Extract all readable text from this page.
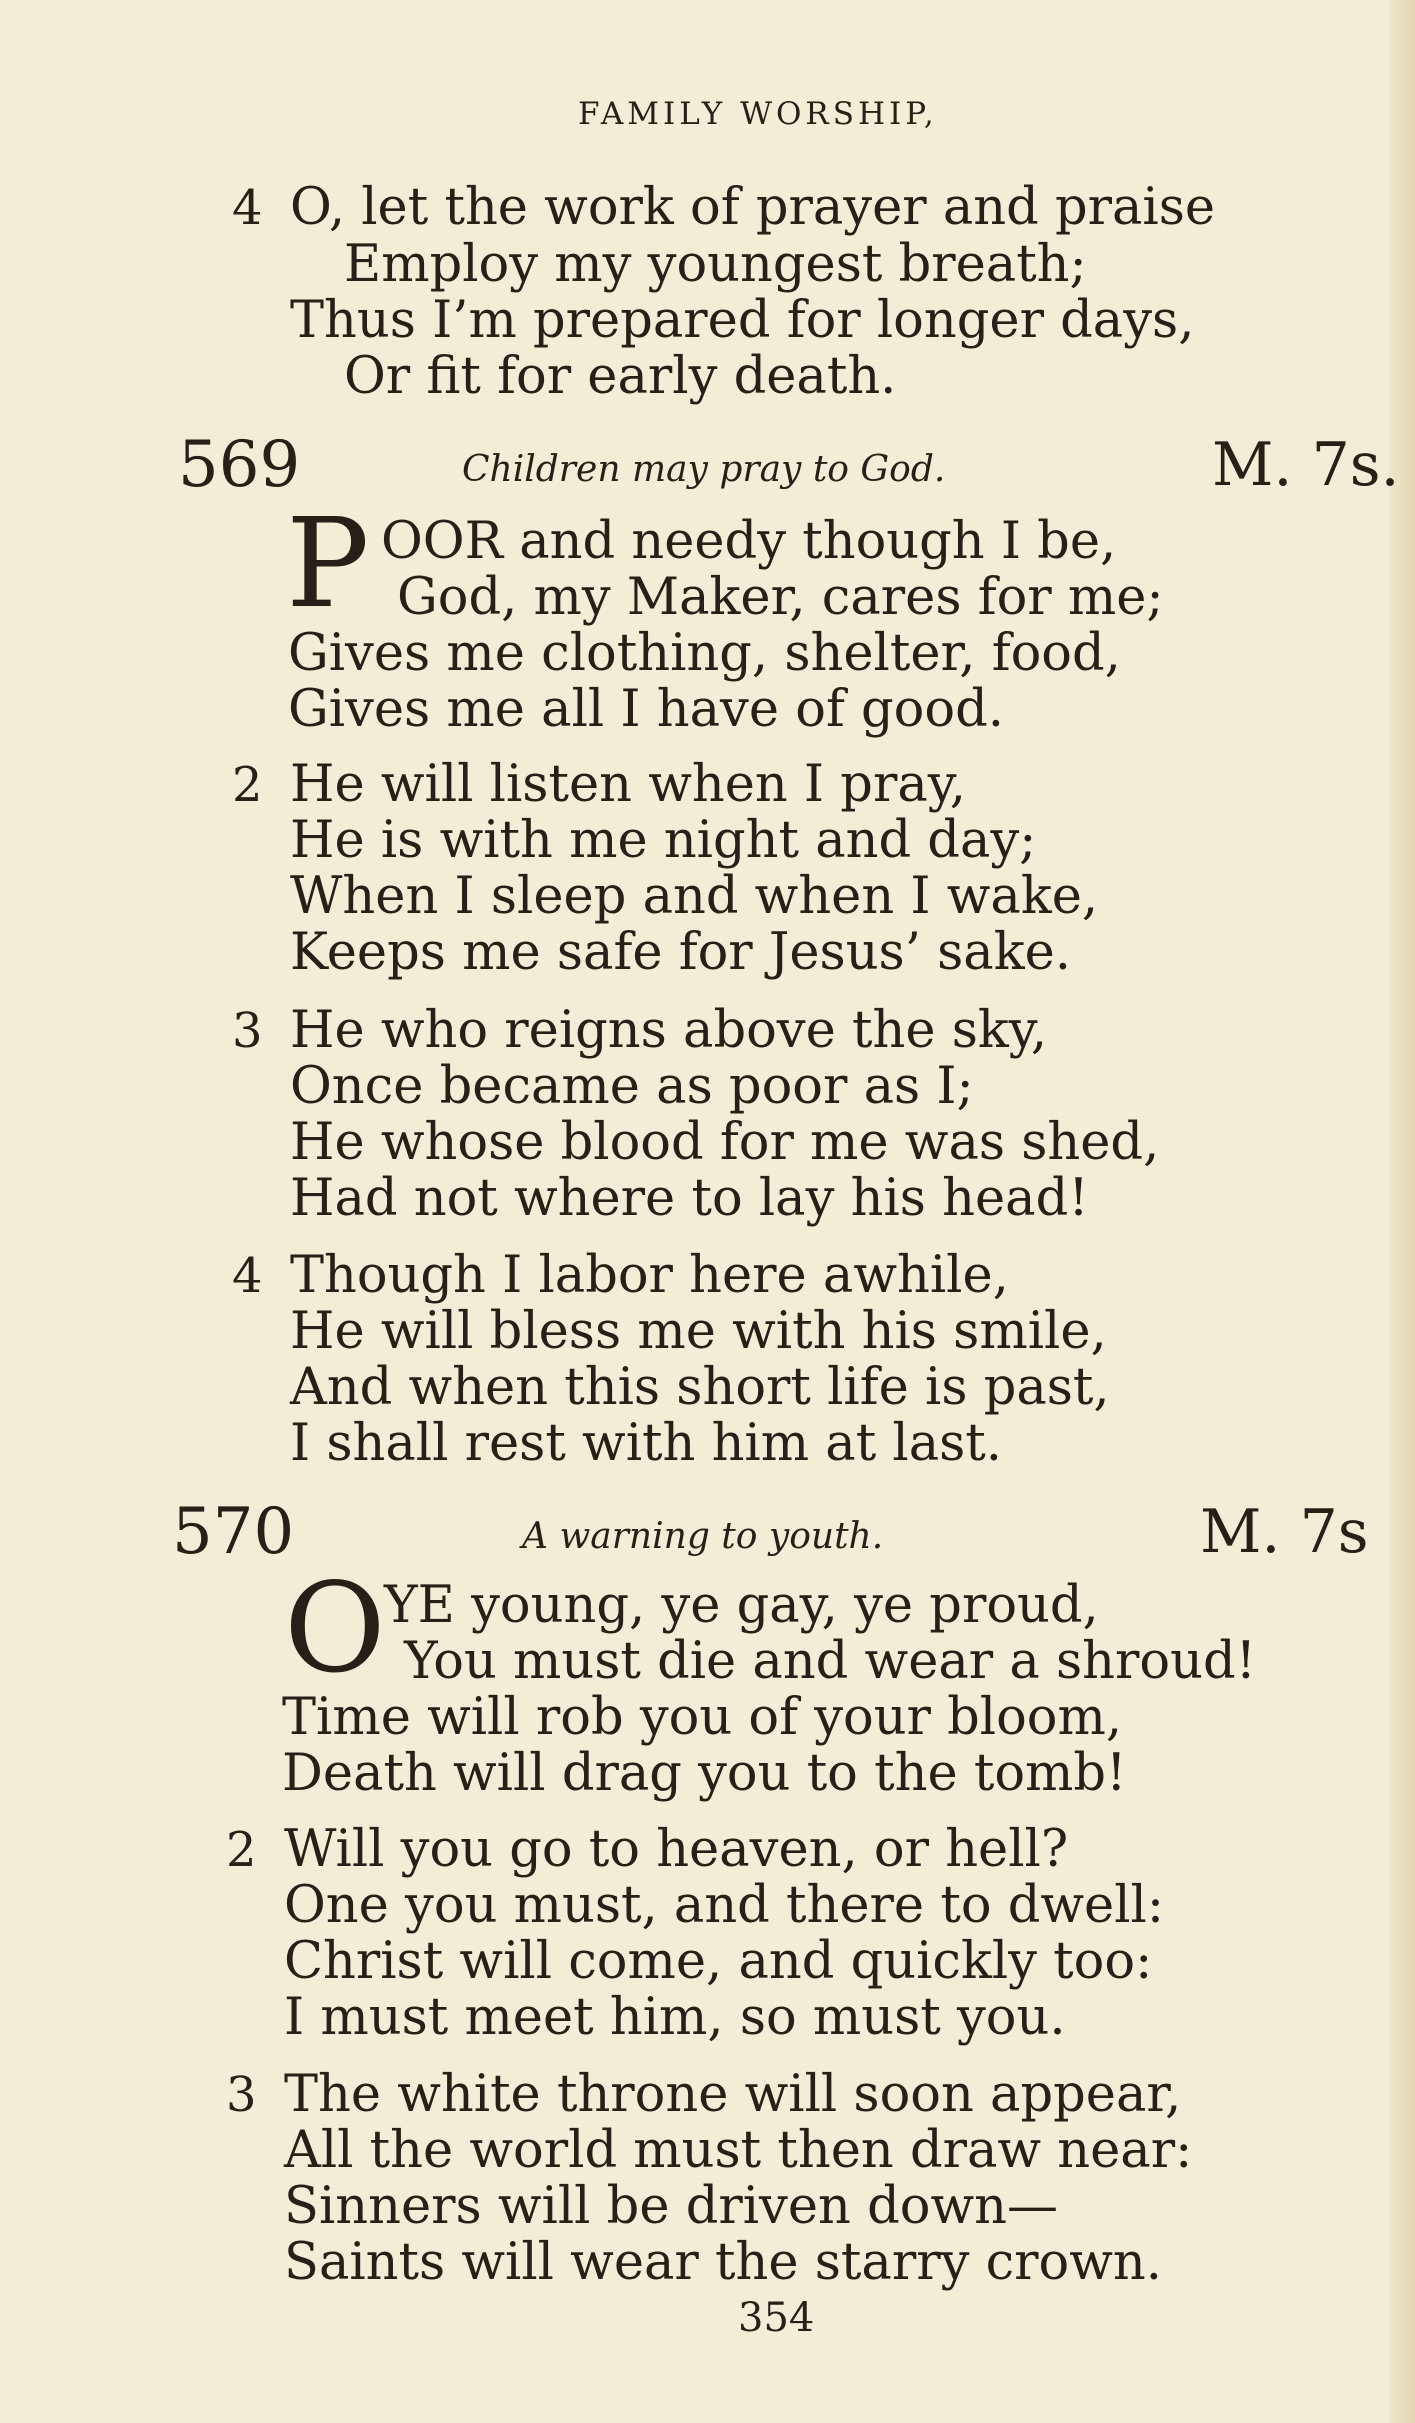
FAMILY WORSHIP,
4 O, let the work of prayer and praise
Employ my youngest breath;
Thus I’m prepared for longer days,
Or fit for early death.
569	Children may pray to God.	M. 7s.
P OOR and needy though I be,
God, my Maker, cares for me;
Gives me clothing, shelter, food,
Gives me all I have of good.
2 He will listen when I pray,
He is with me night and day;
When I sleep and when I wake,
Keeps me safe for Jesus’ sake.
3 He who reigns above the sky,
Once became as poor as I;
He whose blood for me was shed,
Had not where to lay his head!
4 Though I labor here awhile,
He will bless me with his smile,
And when this short life is past,
I shall rest with him at last.
570	A warning to youth.	M. 7s
O
YE young, ye gay, ye proud,
You must die and wear a shroud!
Time will rob you of your bloom,
Death will drag you to the tomb!
2 Will you go to heaven, or hell?
One you must, and there to dwell:
Christ will come, and quickly too:
I must meet him, so must you.
3 The white throne will soon appear,
All the world must then draw near:
Sinners will be driven down—
Saints will wear the starry crown.
354
